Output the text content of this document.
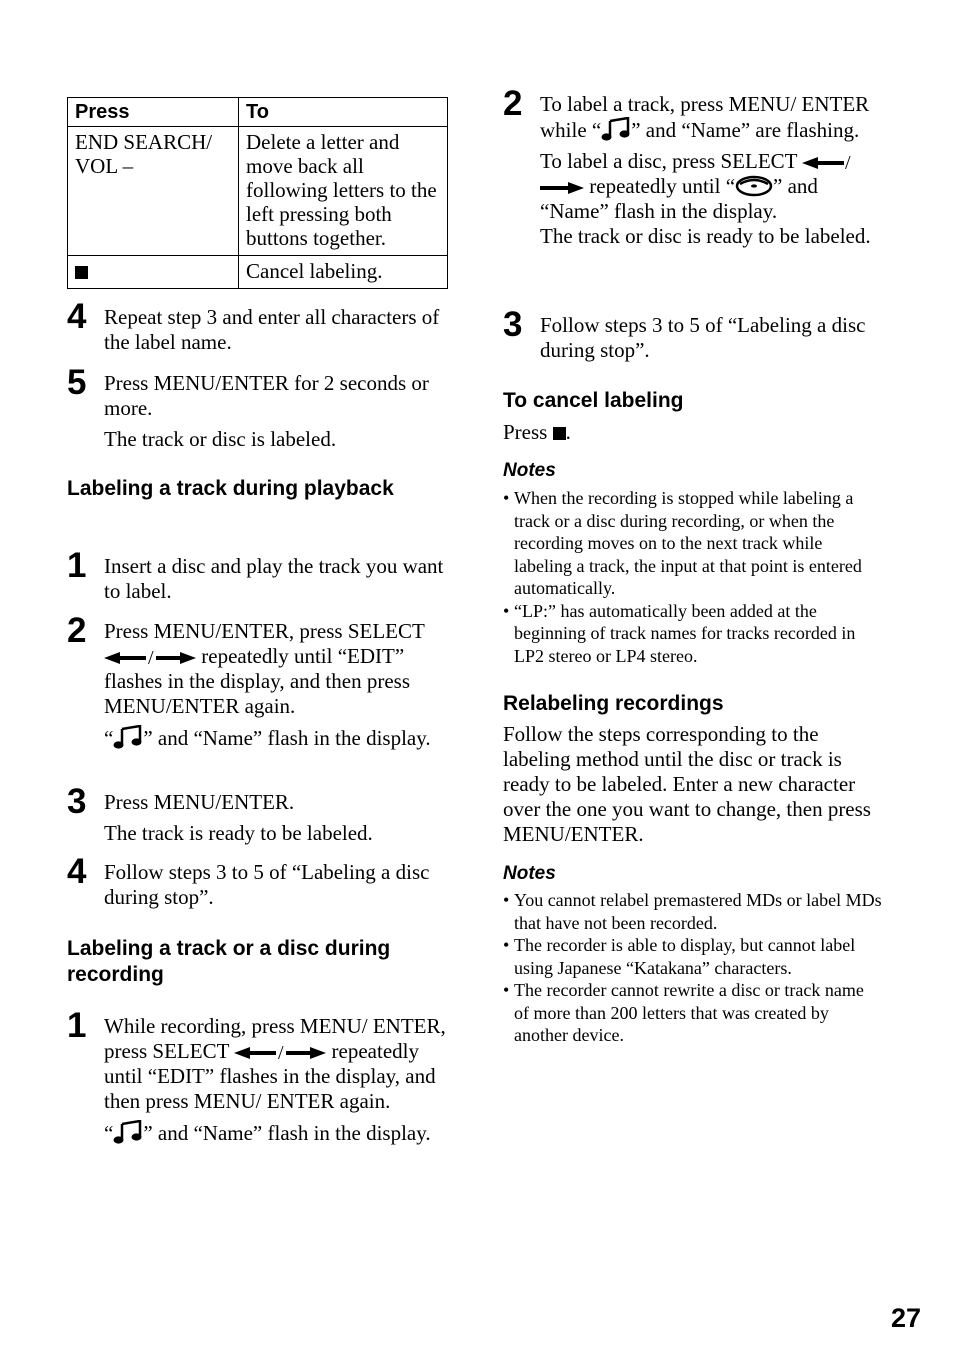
Press	To
END SEARCH/ VOL –	Delete a letter and move back all following letters to the left pressing both buttons together.
	Cancel labeling.
4 Repeat step 3 and enter all characters of the label name.

5 Press MENU/ENTER for 2 seconds or more.

The track or disc is labeled.

Labeling a track during playback
1 Insert a disc and play the track you want to label.

2 Press MENU/ENTER, press SELECT
/ repeatedly until “EDIT” flashes in the display, and then press MENU/ENTER again.

“ ” and “Name” flash in the display.

3 Press MENU/ENTER.

The track is ready to be labeled.

4 Follow steps 3 to 5 of “Labeling a disc during stop”.

Labeling a track or a disc during recording
1 While recording, press MENU/ ENTER, press SELECT / repeatedly until “EDIT” flashes in the display, and then press MENU/ ENTER again.

“ ” and “Name” flash in the display.

2 To label a track, press MENU/ ENTER while “ ” and “Name” are flashing.

To label a disc, press SELECT /
repeatedly until “ ” and “Name” flash in the display.

The track or disc is ready to be labeled.

3 Follow steps 3 to 5 of “Labeling a disc during stop”.

To cancel labeling

Press .

Notes

• When the recording is stopped while labeling a track or a disc during recording, or when the recording moves on to the next track while labeling a track, the input at that point is entered automatically.
• “LP:” has automatically been added at the beginning of track names for tracks recorded in LP2 stereo or LP4 stereo.
Relabeling recordings

Follow the steps corresponding to the labeling method until the disc or track is ready to be labeled. Enter a new character over the one you want to change, then press MENU/ENTER.

Notes

• You cannot relabel premastered MDs or label MDs that have not been recorded.
• The recorder is able to display, but cannot label using Japanese “Katakana” characters.
• The recorder cannot rewrite a disc or track name of more than 200 letters that was created by another device.
27
